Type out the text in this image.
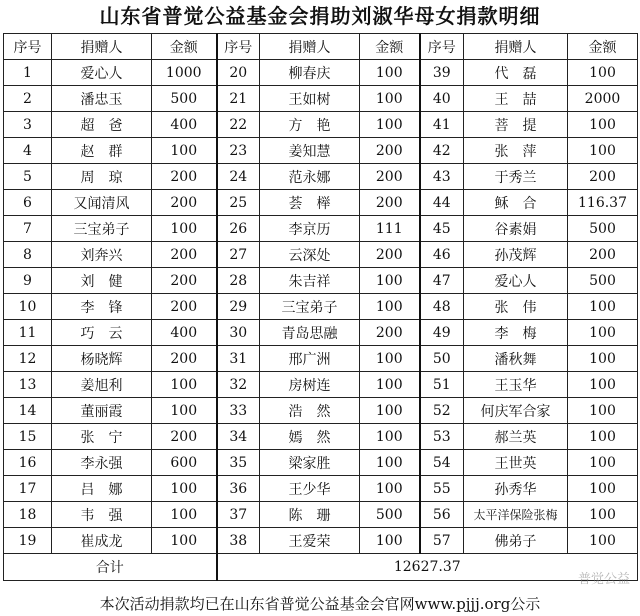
山东省普觉公益基金会捐助刘淑华母女捐款明细
序号	捐赠人	金额	序号	捐赠人	金额	序号	捐赠人	金额
1	爱心人	1000	20	柳春庆	100	39	代　磊	100
2	潘忠玉	500	21	王如树	100	40	王　喆	2000
3	超　爸	400	22	方　艳	100	41	菩　提	100
4	赵　群	100	23	姜知慧	200	42	张　萍	100
5	周　琼	200	24	范永娜	200	43	于秀兰	200
6	又闻清风	200	25	荟　榉	200	44	稣　合	116.37
7	三宝弟子	100	26	李京历	111	45	谷素娟	500
8	刘奔兴	200	27	云深处	200	46	孙茂辉	200
9	刘　健	200	28	朱吉祥	100	47	爱心人	500
10	李　锋	200	29	三宝弟子	100	48	张　伟	100
11	巧　云	400	30	青岛思融	200	49	李　梅	100
12	杨晓辉	200	31	邢广洲	100	50	潘秋舞	100
13	姜旭利	100	32	房树连	100	51	王玉华	100
14	董丽霞	100	33	浩　然	100	52	何庆军合家	100
15	张　宁	200	34	嫣　然	100	53	郝兰英	100
16	李永强	600	35	梁家胜	100	54	王世英	100
17	吕　娜	100	36	王少华	100	55	孙秀华	100
18	韦　强	100	37	陈　珊	500	56	太平洋保险张梅	100
19	崔成龙	100	38	王爱荣	100	57	佛弟子	100
合计			12627.37					
普觉公益
本次活动捐款均已在山东省普觉公益基金会官网www.pjjj.org公示
